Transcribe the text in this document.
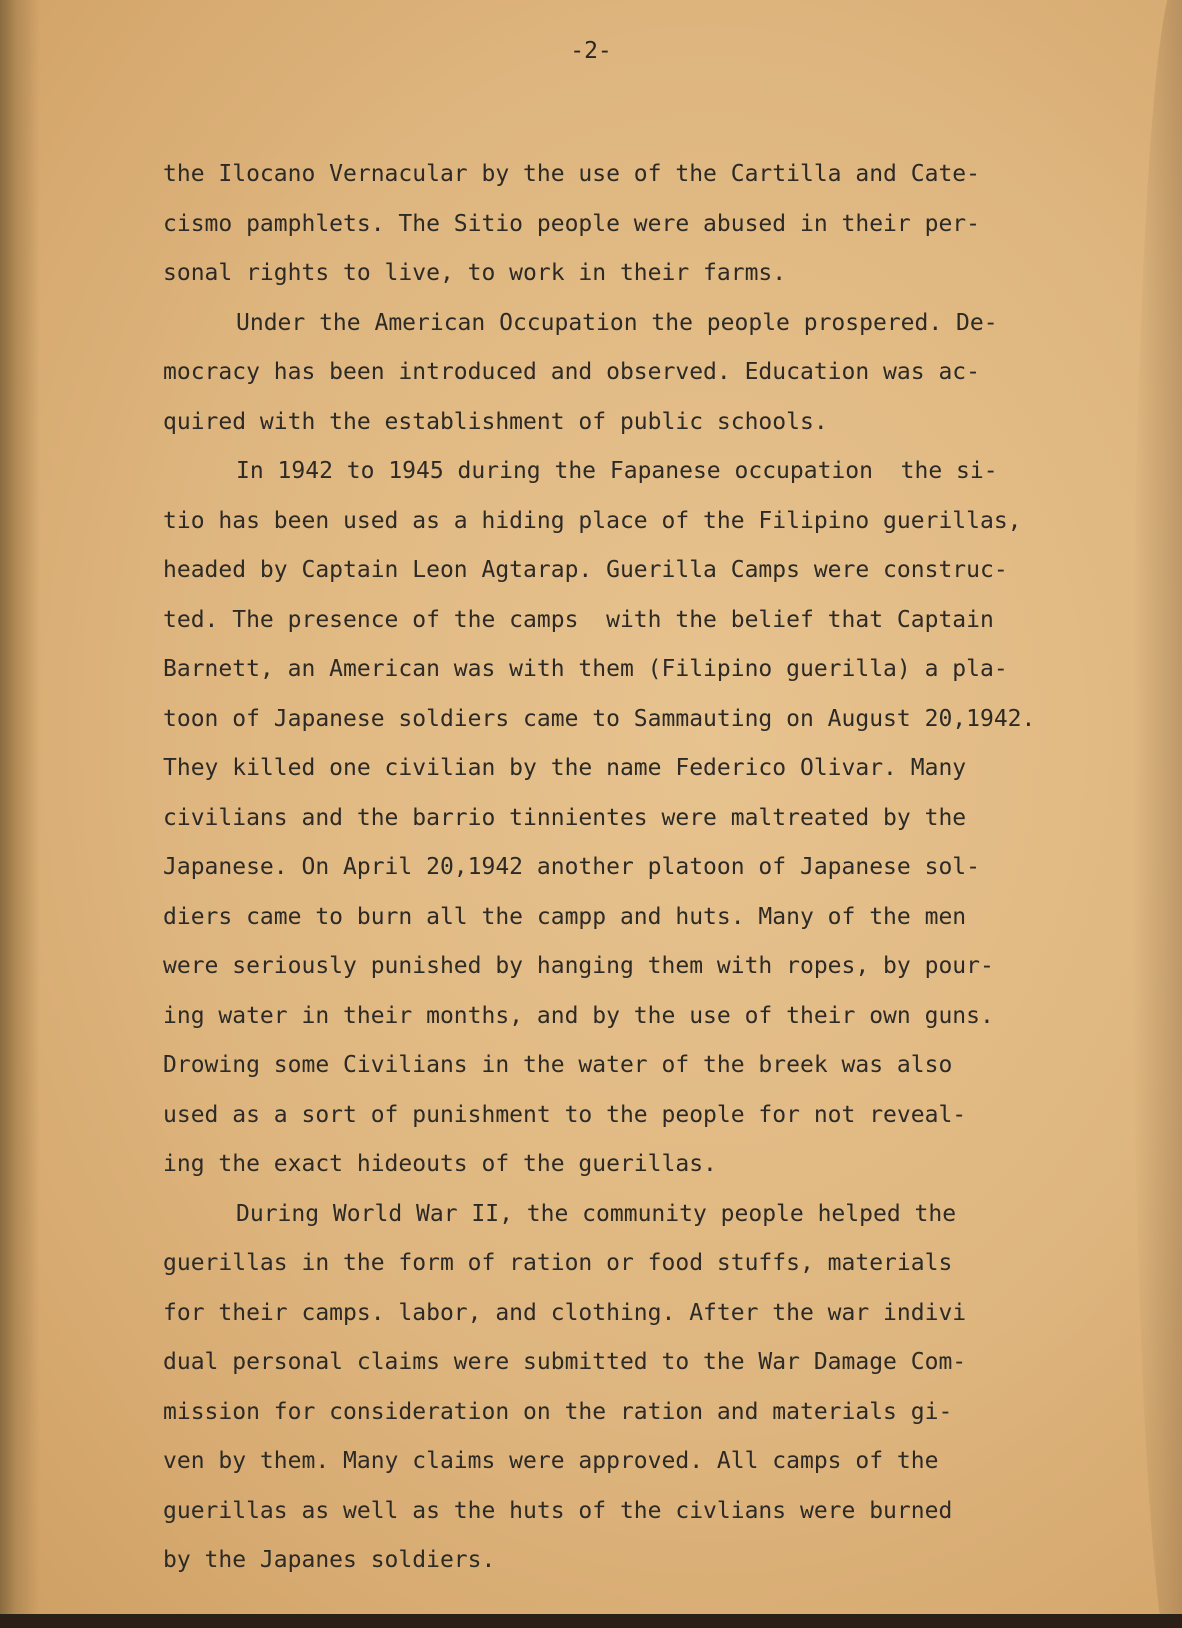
-2-
the Ilocano Vernacular by the use of the Cartilla and Cate-
cismo pamphlets. The Sitio people were abused in their per-
sonal rights to live, to work in their farms.
Under the American Occupation the people prospered. De-
mocracy has been introduced and observed. Education was ac-
quired with the establishment of public schools.
In 1942 to 1945 during the Fapanese occupation  the si-
tio has been used as a hiding place of the Filipino guerillas,
headed by Captain Leon Agtarap. Guerilla Camps were construc-
ted. The presence of the camps  with the belief that Captain
Barnett, an American was with them (Filipino guerilla) a pla-
toon of Japanese soldiers came to Sammauting on August 20,1942.
They killed one civilian by the name Federico Olivar. Many
civilians and the barrio tinnientes were maltreated by the
Japanese. On April 20,1942 another platoon of Japanese sol-
diers came to burn all the campp and huts. Many of the men
were seriously punished by hanging them with ropes, by pour-
ing water in their months, and by the use of their own guns.
Drowing some Civilians in the water of the breek was also
used as a sort of punishment to the people for not reveal-
ing the exact hideouts of the guerillas.
During World War II, the community people helped the
guerillas in the form of ration or food stuffs, materials
for their camps. labor, and clothing. After the war indivi
dual personal claims were submitted to the War Damage Com-
mission for consideration on the ration and materials gi-
ven by them. Many claims were approved. All camps of the
guerillas as well as the huts of the civlians were burned
by the Japanes soldiers.
